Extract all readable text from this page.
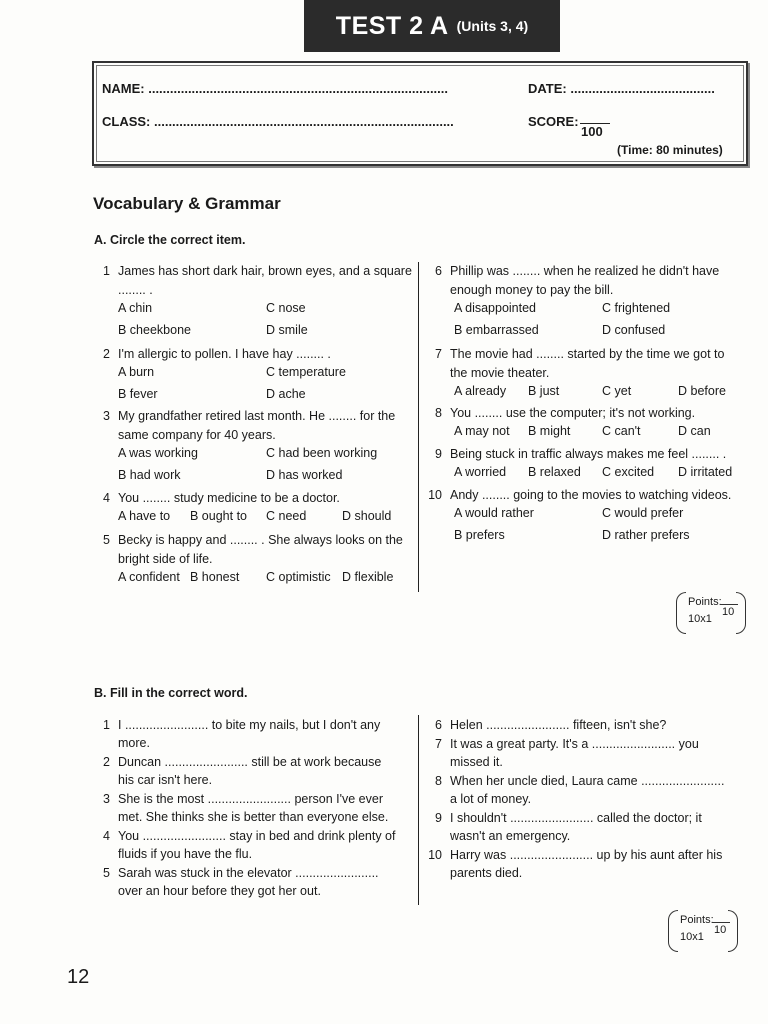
TEST 2 A (Units 3, 4)
NAME: ...................................................................................	DATE: ........................................
CLASS: ...................................................................................	SCORE:
100
(Time: 80 minutes)
Vocabulary & Grammar
A. Circle the correct item.
1 James has short dark hair, brown eyes, and a square
........ .
A chin	C nose
B cheekbone	D smile
2 I'm allergic to pollen. I have hay ........ .
A burn	C temperature
B fever	D ache
3 My grandfather retired last month. He ........ for the
same company for 40 years.
A was working	C had been working
B had work	D has worked
4 You ........ study medicine to be a doctor.
A have to B ought to C need	D should
5 Becky is happy and ........ . She always looks on the
bright side of life.
A confident B honest C optimistic D flexible
6 Phillip was ........ when he realized he didn't have
enough money to pay the bill.
A disappointed	C frightened
B embarrassed	D confused
7 The movie had ........ started by the time we got to
the movie theater.
A already B just	C yet	D before
8 You ........ use the computer; it's not working.
A may not B might	C can't	D can
9 Being stuck in traffic always makes me feel ........ .
A worried B relaxed C excited D irritated
10 Andy ........ going to the movies to watching videos.
A would rather	C would prefer
B prefers	D rather prefers
Points:
10x1
10
B. Fill in the correct word.
1 I ........................ to bite my nails, but I don't any
more.
2 Duncan ........................ still be at work because
his car isn't here.
3 She is the most ........................ person I've ever
met. She thinks she is better than everyone else.
4 You ........................ stay in bed and drink plenty of
fluids if you have the flu.
5 Sarah was stuck in the elevator ........................
over an hour before they got her out.
6 Helen ........................ fifteen, isn't she?
7 It was a great party. It's a ........................ you
missed it.
8 When her uncle died, Laura came ........................
a lot of money.
9 I shouldn't ........................ called the doctor; it
wasn't an emergency.
10 Harry was ........................ up by his aunt after his
parents died.
Points:
10x1
10
12
